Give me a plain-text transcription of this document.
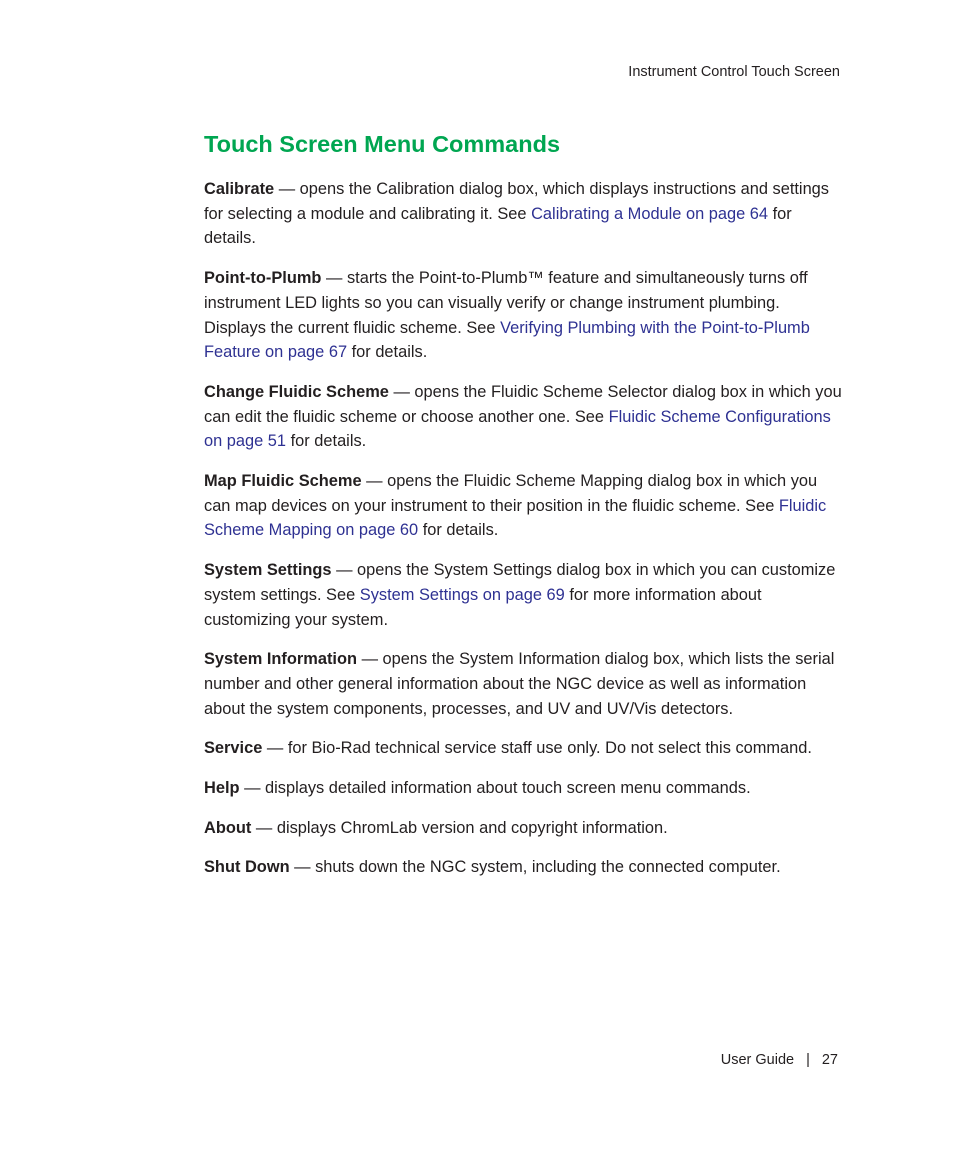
Instrument Control Touch Screen
Touch Screen Menu Commands

Calibrate — opens the Calibration dialog box, which displays instructions and settings for selecting a module and calibrating it. See Calibrating a Module on page 64 for details.

Point-to-Plumb — starts the Point-to-Plumb™ feature and simultaneously turns off instrument LED lights so you can visually verify or change instrument plumbing. Displays the current fluidic scheme. See Verifying Plumbing with the Point-to-Plumb Feature on page 67 for details.

Change Fluidic Scheme — opens the Fluidic Scheme Selector dialog box in which you can edit the fluidic scheme or choose another one. See Fluidic Scheme Configurations on page 51 for details.

Map Fluidic Scheme — opens the Fluidic Scheme Mapping dialog box in which you can map devices on your instrument to their position in the fluidic scheme. See Fluidic Scheme Mapping on page 60 for details.

System Settings — opens the System Settings dialog box in which you can customize system settings. See System Settings on page 69 for more information about customizing your system.

System Information — opens the System Information dialog box, which lists the serial number and other general information about the NGC device as well as information about the system components, processes, and UV and UV/Vis detectors.

Service — for Bio-Rad technical service staff use only. Do not select this command.

Help — displays detailed information about touch screen menu commands.

About — displays ChromLab version and copyright information.

Shut Down — shuts down the NGC system, including the connected computer.

User Guide | 27
